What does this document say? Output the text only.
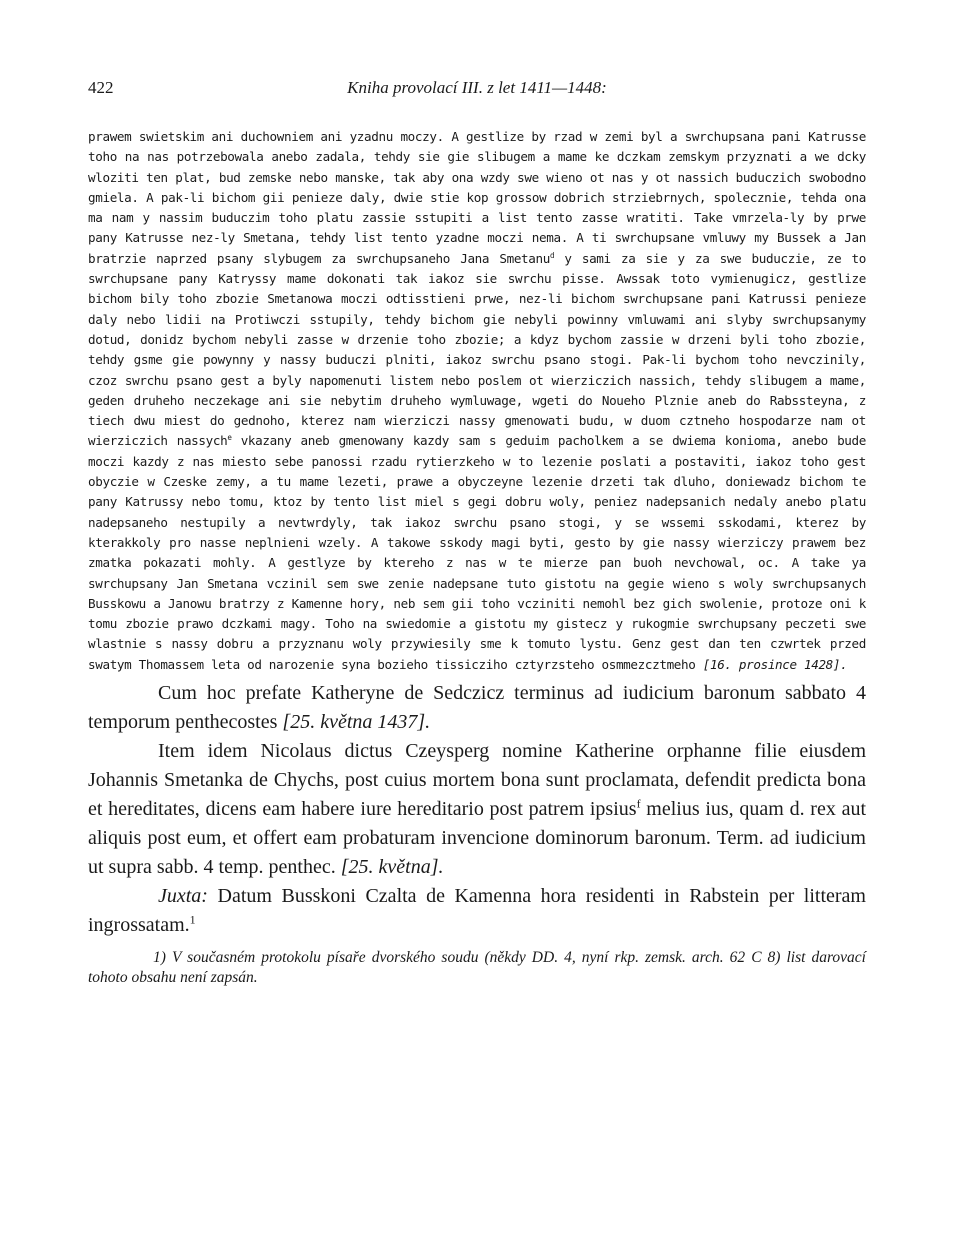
422	Kniha provolací III. z let 1411—1448:

prawem swietskim ani duchowniem ani yzadnu moczy. A gestlize by rzad w zemi byl a swrchupsana pani Katrusse toho na nas potrzebowala anebo zadala, tehdy sie gie slibugem a mame ke dczkam zemskym przyznati a we dcky wloziti ten plat, bud zemske nebo manske, tak aby ona wzdy swe wieno ot nas y ot nassich buduczich swobodno gmiela. A pak-li bichom gii penieze daly, dwie stie kop grossow dobrich strziebrnych, spolecznie, tehda ona ma nam y nassim buduczim toho platu zassie sstupiti a list tento zasse wratiti. Take vmrzela-ly by prwe pany Katrusse nez-ly Smetana, tehdy list tento yzadne moczi nema. A ti swrchupsane vmluwy my Bussek a Jan bratrzie naprzed psany slybugem za swrchupsaneho Jana Smetanu$^d$ y sami za sie y za swe buduczie, ze to swrchupsane pany Katryssy mame dokonati tak iakoz sie swrchu pisse. Awssak toto vymienugicz, gestlize bichom bily toho zbozie Smetanowa moczi odtisstieni prwe, nez-li bichom swrchupsane pani Katrussi penieze daly nebo lidii na Protiwczi sstupily, tehdy bichom gie nebyli powinny vmluwami ani slyby swrchupsanymy dotud, donidz bychom nebyli zasse w drzenie toho zbozie; a kdyz bychom zassie w drzeni byli toho zbozie, tehdy gsme gie powynny y nassy buduczi plniti, iakoz swrchu psano stogi. Pak-li bychom toho nevczinily, czoz swrchu psano gest a byly napomenuti listem nebo poslem ot wierziczich nassich, tehdy slibugem a mame, geden druheho neczekage ani sie nebytim druheho wymluwage, wgeti do Noueho Plznie aneb do Rabssteyna, z tiech dwu miest do gednoho, kterez nam wierziczi nassy gmenowati budu, w duom cztneho hospodarze nam ot wierziczich nassych$^e$ vkazany aneb gmenowany kazdy sam s geduim pacholkem a se dwiema konioma, anebo bude moczi kazdy z nas miesto sebe panossi rzadu rytierzkeho w to lezenie poslati a postaviti, iakoz toho gest obyczie w Czeske zemy, a tu mame lezeti, prawe a obyczeyne lezenie drzeti tak dluho, doniewadz bichom te pany Katrussy nebo tomu, ktoz by tento list miel s gegi dobru woly, peniez nadepsanich nedaly anebo platu nadepsaneho nestupily a nevtwrdyly, tak iakoz swrchu psano stogi, y se wssemi sskodami, kterez by kterakkoly pro nasse neplnieni wzely. A takowe sskody magi byti, gesto by gie nassy wierziczy prawem bez zmatka pokazati mohly. A gestlyze by ktereho z nas w te mierze pan buoh nevchowal, oc. A take ya swrchupsany Jan Smetana vczinil sem swe zenie nadepsane tuto gistotu na gegie wieno s woly swrchupsanych Busskowu a Janowu bratrzy z Kamenne hory, neb sem gii toho vcziniti nemohl bez gich swolenie, protoze oni k tomu zbozie prawo dczkami magy. Toho na swiedomie a gistotu my gistecz y rukogmie swrchupsany peczeti swe wlastnie s nassy dobru a przyznanu woly przywiesily sme k tomuto lystu. Genz gest dan ten czwrtek przed swatym Thomassem leta od narozenie syna bozieho tissiczihо cztyrzsteho osmmezcztmeho [16. prosince 1428].

Cum hoc prefate Katheryne de Sedczicz terminus ad iudicium baronum sabbato 4 temporum penthecostes [25. května 1437].

Item idem Nicolaus dictus Czeysperg nomine Katherine orphanne filie eiusdem Johannis Smetanka de Chychs, post cuius mortem bona sunt proclamata, defendit predicta bona et hereditates, dicens eam habere iure hereditario post patrem ipsius$^f$ melius ius, quam d. rex aut aliquis post eum, et offert eam probaturam invencione dominorum baronum. Term. ad iudicium ut supra sabb. 4 temp. penthec. [25. května].

Juxta: Datum Busskoni Czalta de Kamenna hora residenti in Rabstein per litteram ingrossatam.$^1$

1) V současném protokolu písaře dvorského soudu (někdy DD. 4, nyní rkp. zemsk. arch. 62 C 8) list darovací tohoto obsahu není zapsán.
